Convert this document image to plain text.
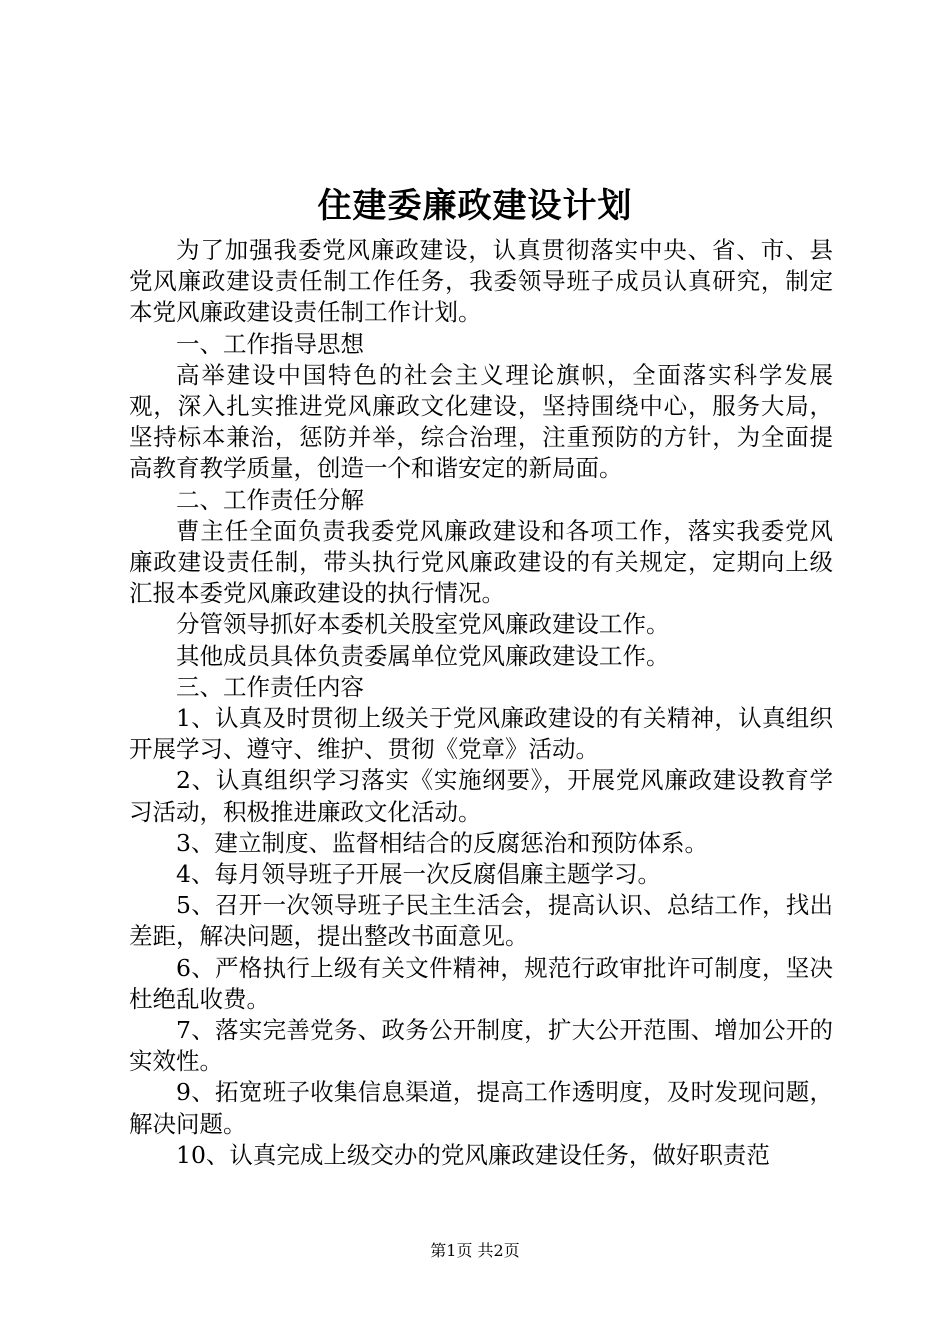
住建委廉政建设计划

为了加强我委党风廉政建设，认真贯彻落实中央、省、市、县党风廉政建设责任制工作任务，我委领导班子成员认真研究，制定本党风廉政建设责任制工作计划。

一、工作指导思想

高举建设中国特色的社会主义理论旗帜，全面落实科学发展观，深入扎实推进党风廉政文化建设，坚持围绕中心，服务大局，坚持标本兼治，惩防并举，综合治理，注重预防的方针，为全面提高教育教学质量，创造一个和谐安定的新局面。

二、工作责任分解

曹主任全面负责我委党风廉政建设和各项工作，落实我委党风廉政建设责任制，带头执行党风廉政建设的有关规定，定期向上级汇报本委党风廉政建设的执行情况。

分管领导抓好本委机关股室党风廉政建设工作。

其他成员具体负责委属单位党风廉政建设工作。

三、工作责任内容

1、认真及时贯彻上级关于党风廉政建设的有关精神，认真组织开展学习、遵守、维护、贯彻《党章》活动。

2、认真组织学习落实《实施纲要》，开展党风廉政建设教育学习活动，积极推进廉政文化活动。

3、建立制度、监督相结合的反腐惩治和预防体系。

4、每月领导班子开展一次反腐倡廉主题学习。

5、召开一次领导班子民主生活会，提高认识、总结工作，找出差距，解决问题，提出整改书面意见。

6、严格执行上级有关文件精神，规范行政审批许可制度，坚决杜绝乱收费。

7、落实完善党务、政务公开制度，扩大公开范围、增加公开的实效性。

9、拓宽班子收集信息渠道，提高工作透明度，及时发现问题，解决问题。

10、认真完成上级交办的党风廉政建设任务，做好职责范

第1页 共2页
